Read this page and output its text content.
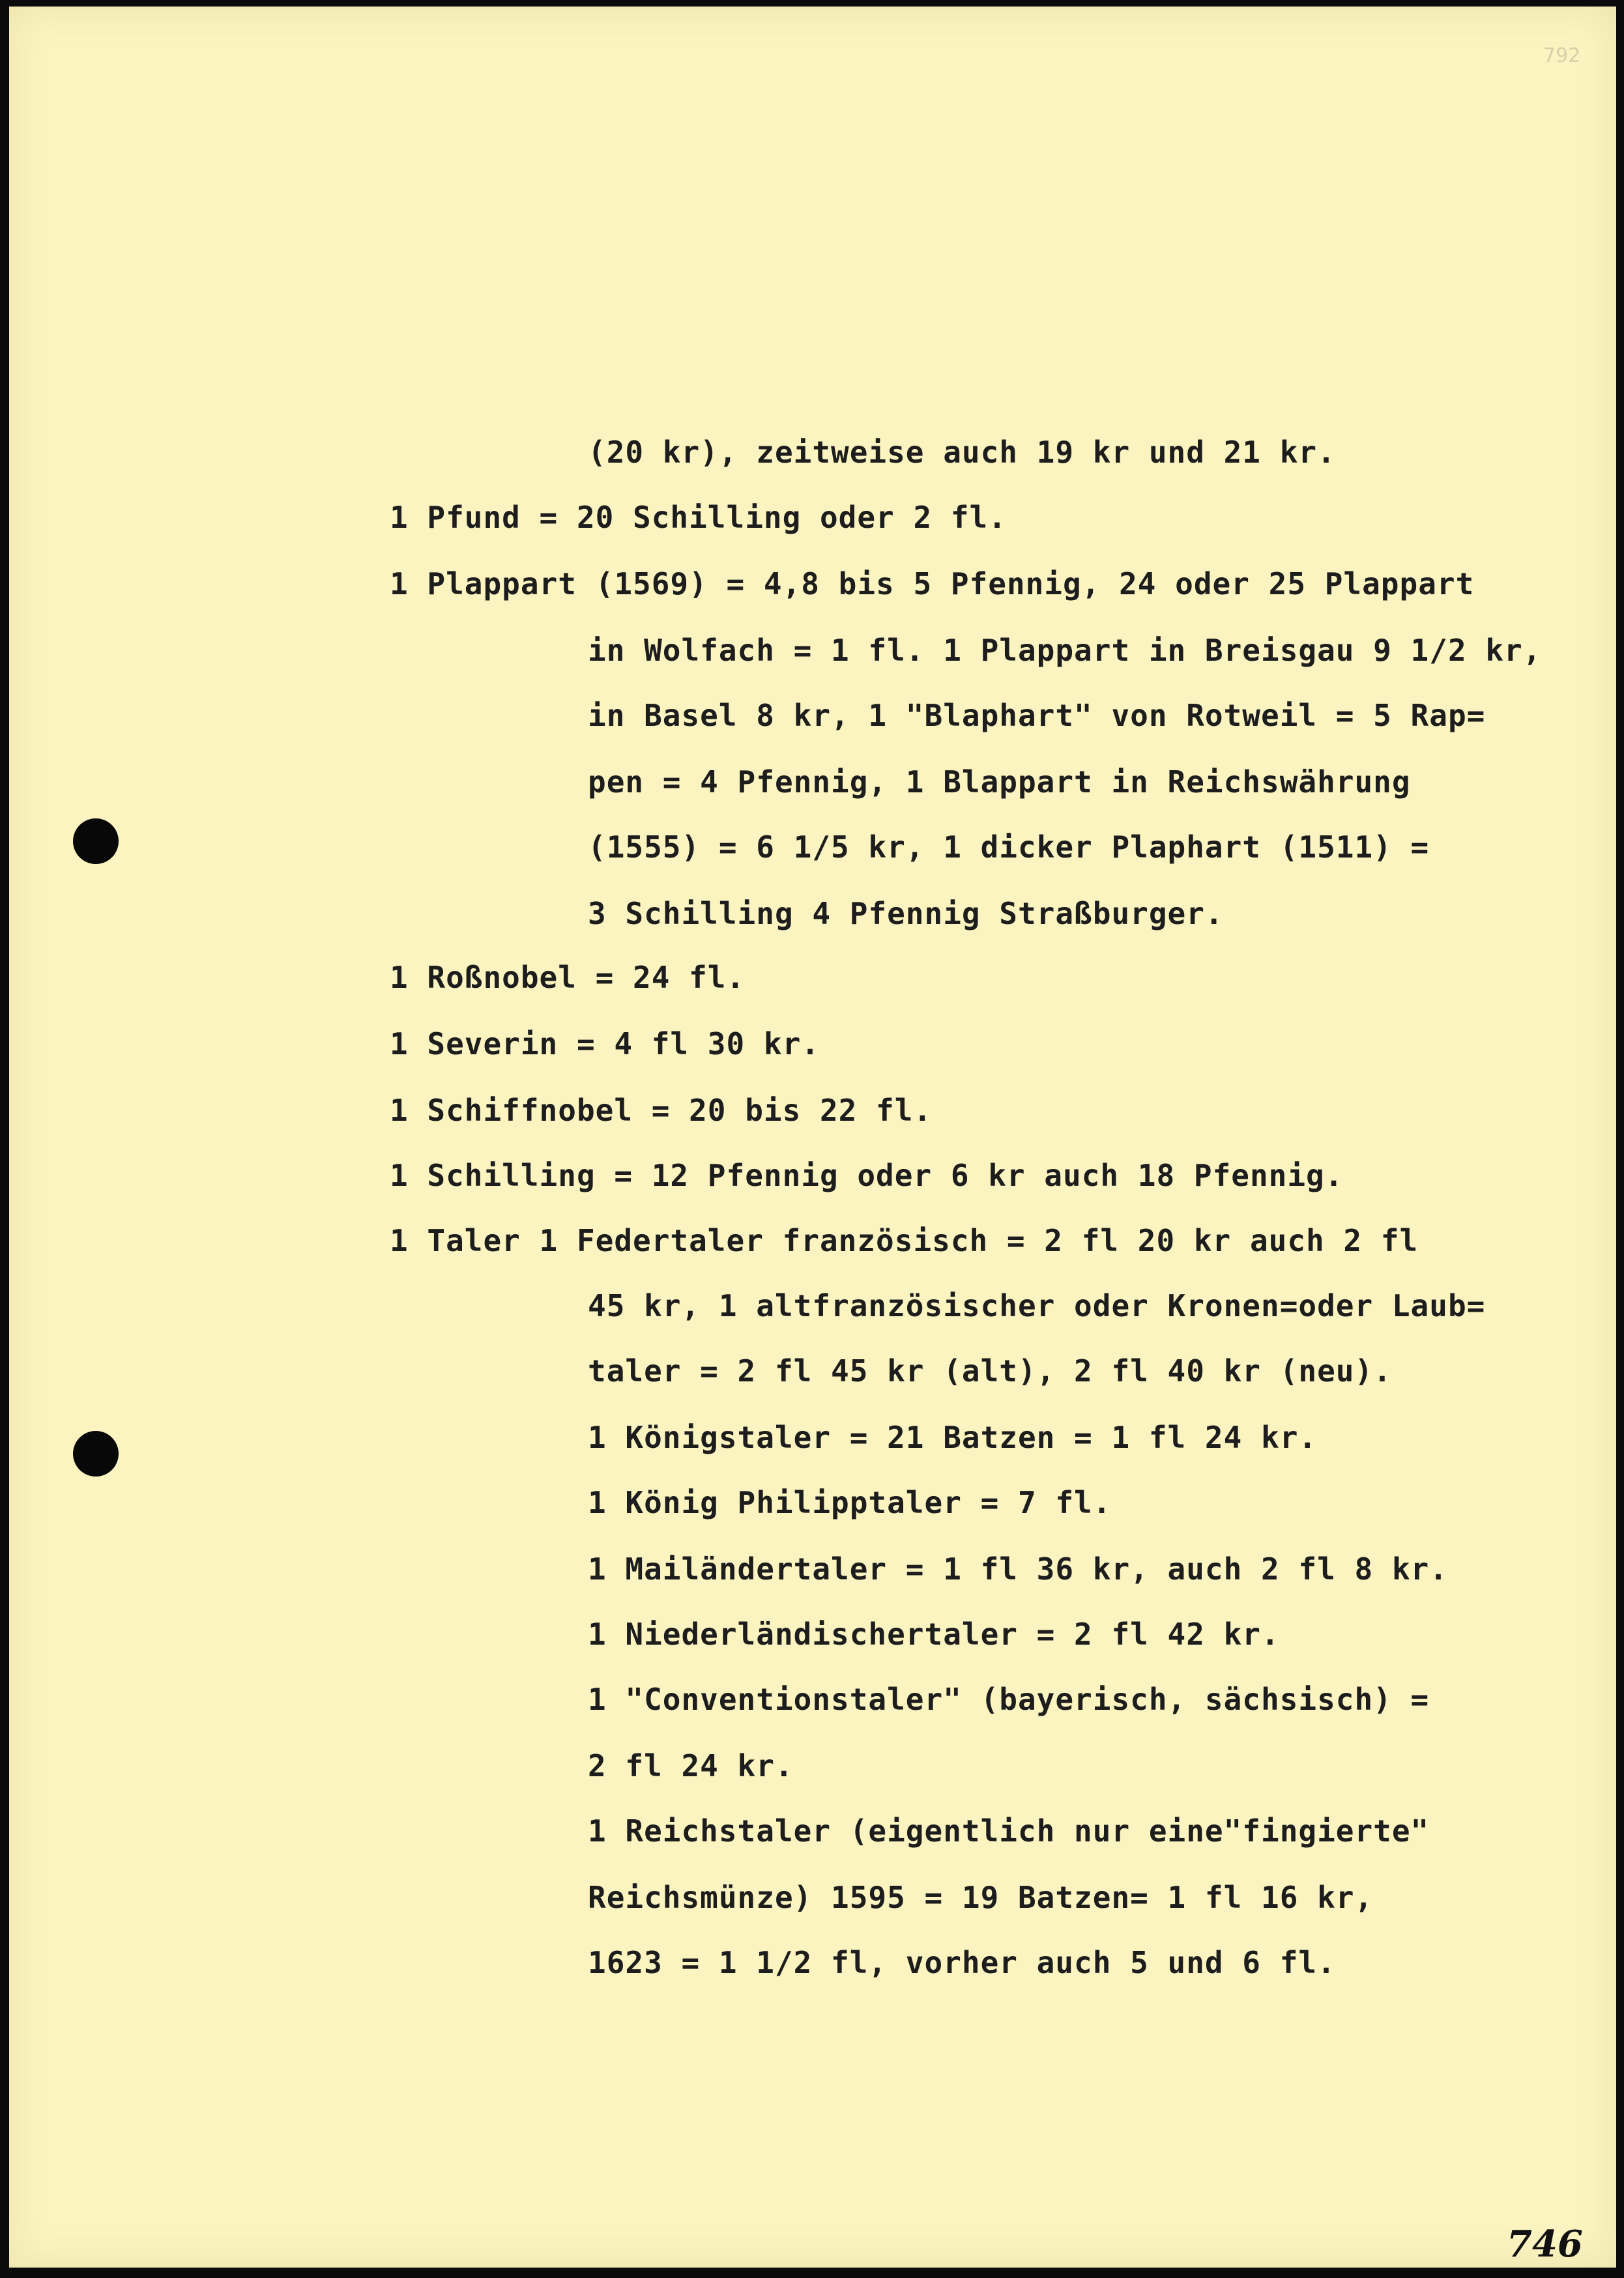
792

(20 kr), zeitweise auch 19 kr und 21 kr.

1 Pfund = 20 Schilling oder 2 fl.

1 Plappart (1569) = 4,8 bis 5 Pfennig, 24 oder 25 Plappart

in Wolfach = 1 fl. 1 Plappart in Breisgau 9 1/2 kr,

in Basel 8 kr, 1 "Blaphart" von Rotweil = 5 Rap=

pen = 4 Pfennig, 1 Blappart in Reichswährung

(1555) = 6 1/5 kr, 1 dicker Plaphart (1511) =

3 Schilling 4 Pfennig Straßburger.

1 Roßnobel = 24 fl.

1 Severin = 4 fl 30 kr.

1 Schiffnobel = 20 bis 22 fl.

1 Schilling = 12 Pfennig oder 6 kr auch 18 Pfennig.

1 Taler 1 Federtaler französisch = 2 fl 20 kr auch 2 fl

45 kr, 1 altfranzösischer oder Kronen=oder Laub=

taler = 2 fl 45 kr (alt), 2 fl 40 kr (neu).

1 Königstaler = 21 Batzen = 1 fl 24 kr.

1 König Philipptaler = 7 fl.

1 Mailändertaler = 1 fl 36 kr, auch 2 fl 8 kr.

1 Niederländischertaler = 2 fl 42 kr.

1 "Conventionstaler" (bayerisch, sächsisch) =

2 fl 24 kr.

1 Reichstaler (eigentlich nur eine"fingierte"

Reichsmünze) 1595 = 19 Batzen= 1 fl 16 kr,

1623 = 1 1/2 fl, vorher auch 5 und 6 fl.

746
